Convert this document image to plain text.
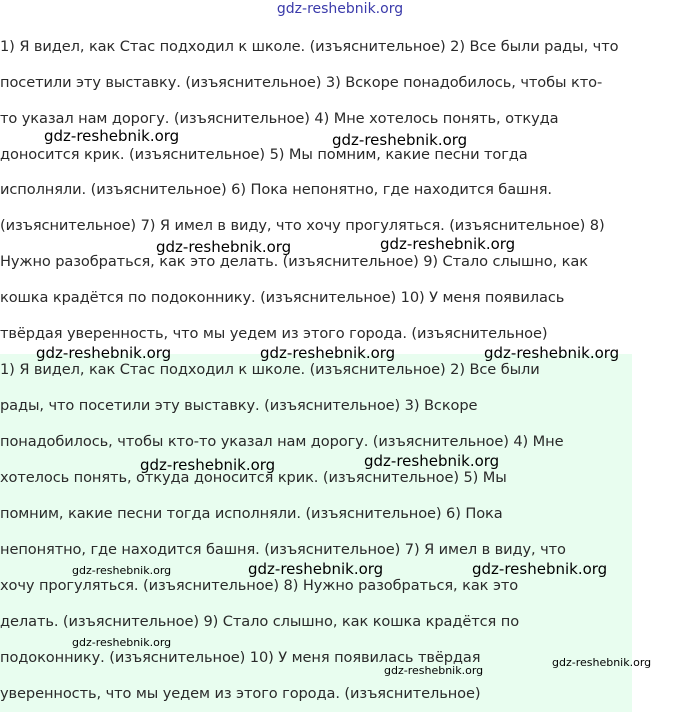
gdz-reshebnik.org
1) Я видел, как Стас подходил к школе. (изъяснительное) 2) Все были рады, что
посетили эту выставку. (изъяснительное) 3) Вскоре понадобилось, чтобы кто-
то указал нам дорогу. (изъяснительное) 4) Мне хотелось понять, откуда
доносится крик. (изъяснительное) 5) Мы помним, какие песни тогда
исполняли. (изъяснительное) 6) Пока непонятно, где находится башня.
(изъяснительное) 7) Я имел в виду, что хочу прогуляться. (изъяснительное) 8)
Нужно разобраться, как это делать. (изъяснительное) 9) Стало слышно, как
кошка крадётся по подоконнику. (изъяснительное) 10) У меня появилась
твёрдая уверенность, что мы уедем из этого города. (изъяснительное)
1) Я видел, как Стас подходил к школе. (изъяснительное) 2) Все были
рады, что посетили эту выставку. (изъяснительное) 3) Вскоре
понадобилось, чтобы кто-то указал нам дорогу. (изъяснительное) 4) Мне
хотелось понять, откуда доносится крик. (изъяснительное) 5) Мы
помним, какие песни тогда исполняли. (изъяснительное) 6) Пока
непонятно, где находится башня. (изъяснительное) 7) Я имел в виду, что
хочу прогуляться. (изъяснительное) 8) Нужно разобраться, как это
делать. (изъяснительное) 9) Стало слышно, как кошка крадётся по
подоконнику. (изъяснительное) 10) У меня появилась твёрдая
уверенность, что мы уедем из этого города. (изъяснительное)
gdz-reshebnik.org	gdz-reshebnik.org
gdz-reshebnik.org	gdz-reshebnik.org
gdz-reshebnik.org	gdz-reshebnik.org	gdz-reshebnik.org
gdz-reshebnik.org	gdz-reshebnik.org
gdz-reshebnik.org	gdz-reshebnik.org	gdz-reshebnik.org
gdz-reshebnik.org
gdz-reshebnik.org
gdz-reshebnik.org
